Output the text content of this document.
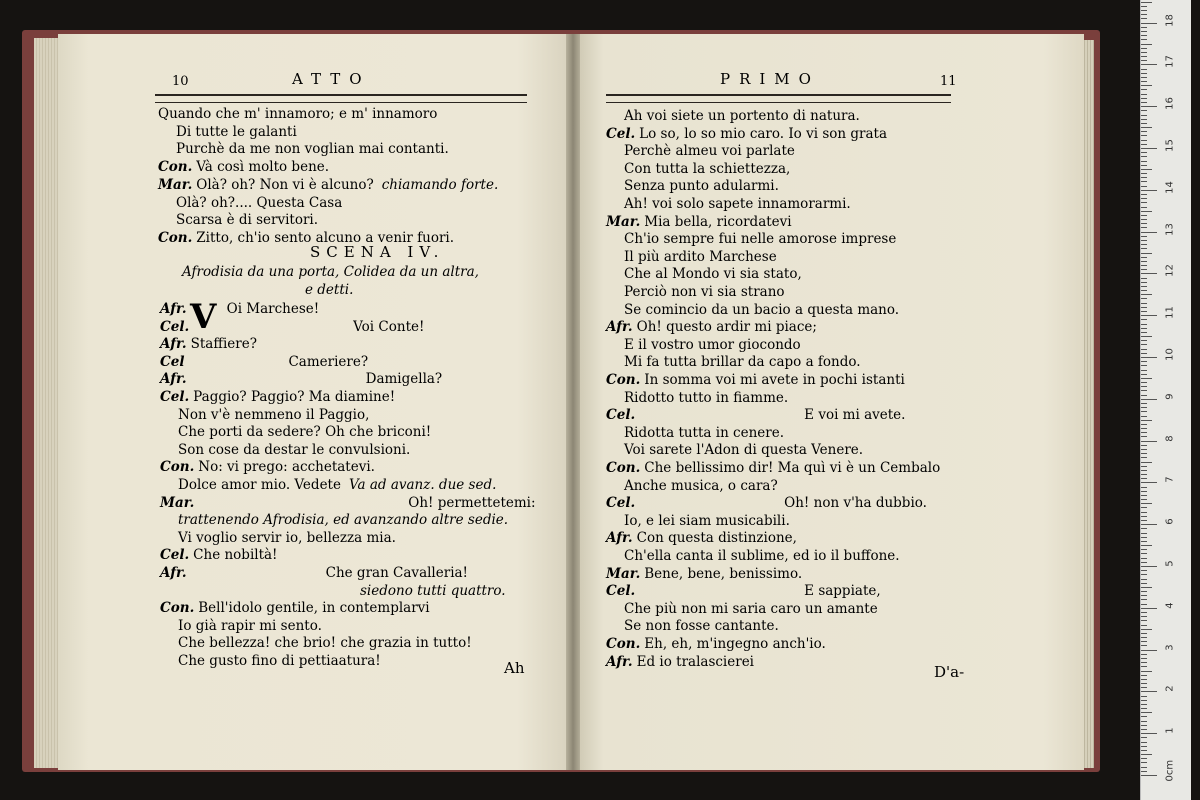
10	ATTO	PRIMO	11
Quando che m' innamoro; e m' innamoro
Di tutte le galanti
Purchè da me non voglian mai contanti.
Con. Và così molto bene.
Mar. Olà? oh? Non vi è alcuno? chiamando forte.
Olà? oh?.... Questa Casa
Scarsa è di servitori.
Con. Zitto, ch'io sento alcuno a venir fuori.
Afr.	Oi Marchese!
Cel.	Voi Conte!
Afr. Staffiere?
Cel	Cameriere?
Afr.	Damigella?
Cel. Paggio? Paggio? Ma diamine!
Non v'è nemmeno il Paggio,
Che porti da sedere? Oh che briconi!
Son cose da destar le convulsioni.
Con. No: vi prego: acchetatevi.
Dolce amor mio. Vedete Va ad avanz. due sed.
Mar.	Oh! permettetemi:
trattenendo Afrodisia, ed avanzando altre sedie.
Vi voglio servir io, bellezza mia.
Cel. Che nobiltà!
Afr.	Che gran Cavalleria!
siedono tutti quattro.
Con. Bell'idolo gentile, in contemplarvi
Io già rapir mi sento.
Che bellezza! che brio! che grazia in tutto!
Che gusto fino di pettiaatura!
Ah voi siete un portento di natura.
Cel. Lo so, lo so mio caro. Io vi son grata
Perchè almeu voi parlate
Con tutta la schiettezza,
Senza punto adularmi.
Ah! voi solo sapete innamorarmi.
Mar. Mia bella, ricordatevi
Ch'io sempre fui nelle amorose imprese
Il più ardito Marchese
Che al Mondo vi sia stato,
Perciò non vi sia strano
Se comincio da un bacio a questa mano.
Afr. Oh! questo ardir mi piace;
E il vostro umor giocondo
Mi fa tutta brillar da capo a fondo.
Con. In somma voi mi avete in pochi istanti
Ridotto tutto in fiamme.
Cel.	E voi mi avete.
Ridotta tutta in cenere.
Voi sarete l'Adon di questa Venere.
Con. Che bellissimo dir! Ma quì vi è un Cembalo
Anche musica, o cara?
Cel.	Oh! non v'ha dubbio.
Io, e lei siam musicabili.
Afr. Con questa distinzione,
Ch'ella canta il sublime, ed io il buffone.
Mar. Bene, bene, benissimo.
Cel.	E sappiate,
Che più non mi saria caro un amante
Se non fosse cantante.
Con. Eh, eh, m'ingegno anch'io.
Afr. Ed io tralascierei
SCENA IV.
Afrodisia da una porta, Colidea da un altra,
e detti.
V
Ah	D'a-
0cm
1
2
3
4
5
6
7
8
9
10
11
12
13
14
15
16
17
18
